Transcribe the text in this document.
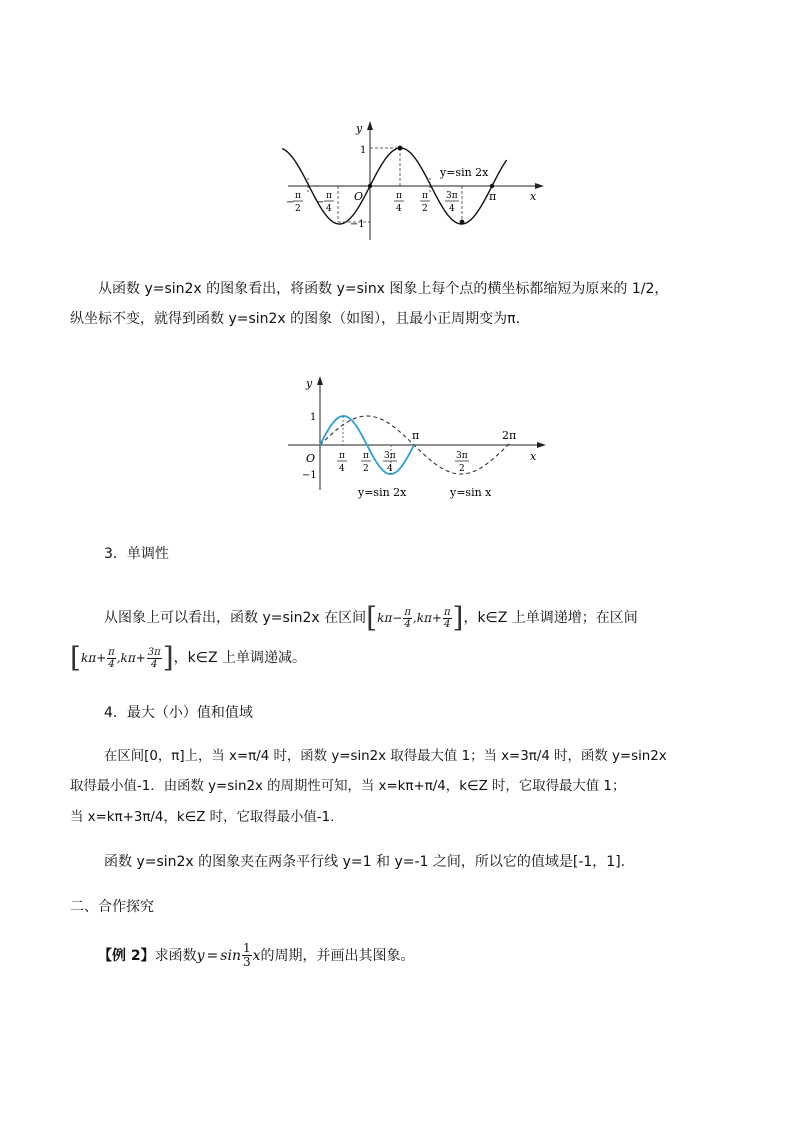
y
x
O
1
−1
y=sin 2x
π
−
π
2
−
π
4
π
4
π
2
3π
4
从函数 y=sin2x 的图象看出，将函数 y=sinx 图象上每个点的横坐标都缩短为原来的 1/2，
纵坐标不变，就得到函数 y=sin2x 的图象（如图），且最小正周期变为π.
y
x
O
1
−1
π	2π
y=sin 2x	y=sin x
π
4
π
2
3π
4
3π
2
3．单调性
从图象上可以看出，函数 y=sin2x 在区间 [ $k\pi- \frac{\pi}{4} ,k\pi+ \frac{\pi}{4}$ ] ，k∈Z 上单调递增；在区间
[ $k\pi+ \frac{\pi}{4} ,k\pi+ \frac{3\pi}{4}$ ] ，k∈Z 上单调递减。
4．最大（小）值和值域
在区间[0，π]上，当 x=π/4 时，函数 y=sin2x 取得最大值 1；当 x=3π/4 时，函数 y=sin2x
取得最小值-1．由函数 y=sin2x 的周期性可知，当 x=kπ+π/4，k∈Z 时，它取得最大值 1；
当 x=kπ+3π/4，k∈Z 时，它取得最小值-1.
函数 y=sin2x 的图象夹在两条平行线 y=1 和 y=-1 之间，所以它的值域是[-1，1].
二、合作探究
【例 2】 求函数 $y = \sin \frac{1}{3}$ x 的周期，并画出其图象。
